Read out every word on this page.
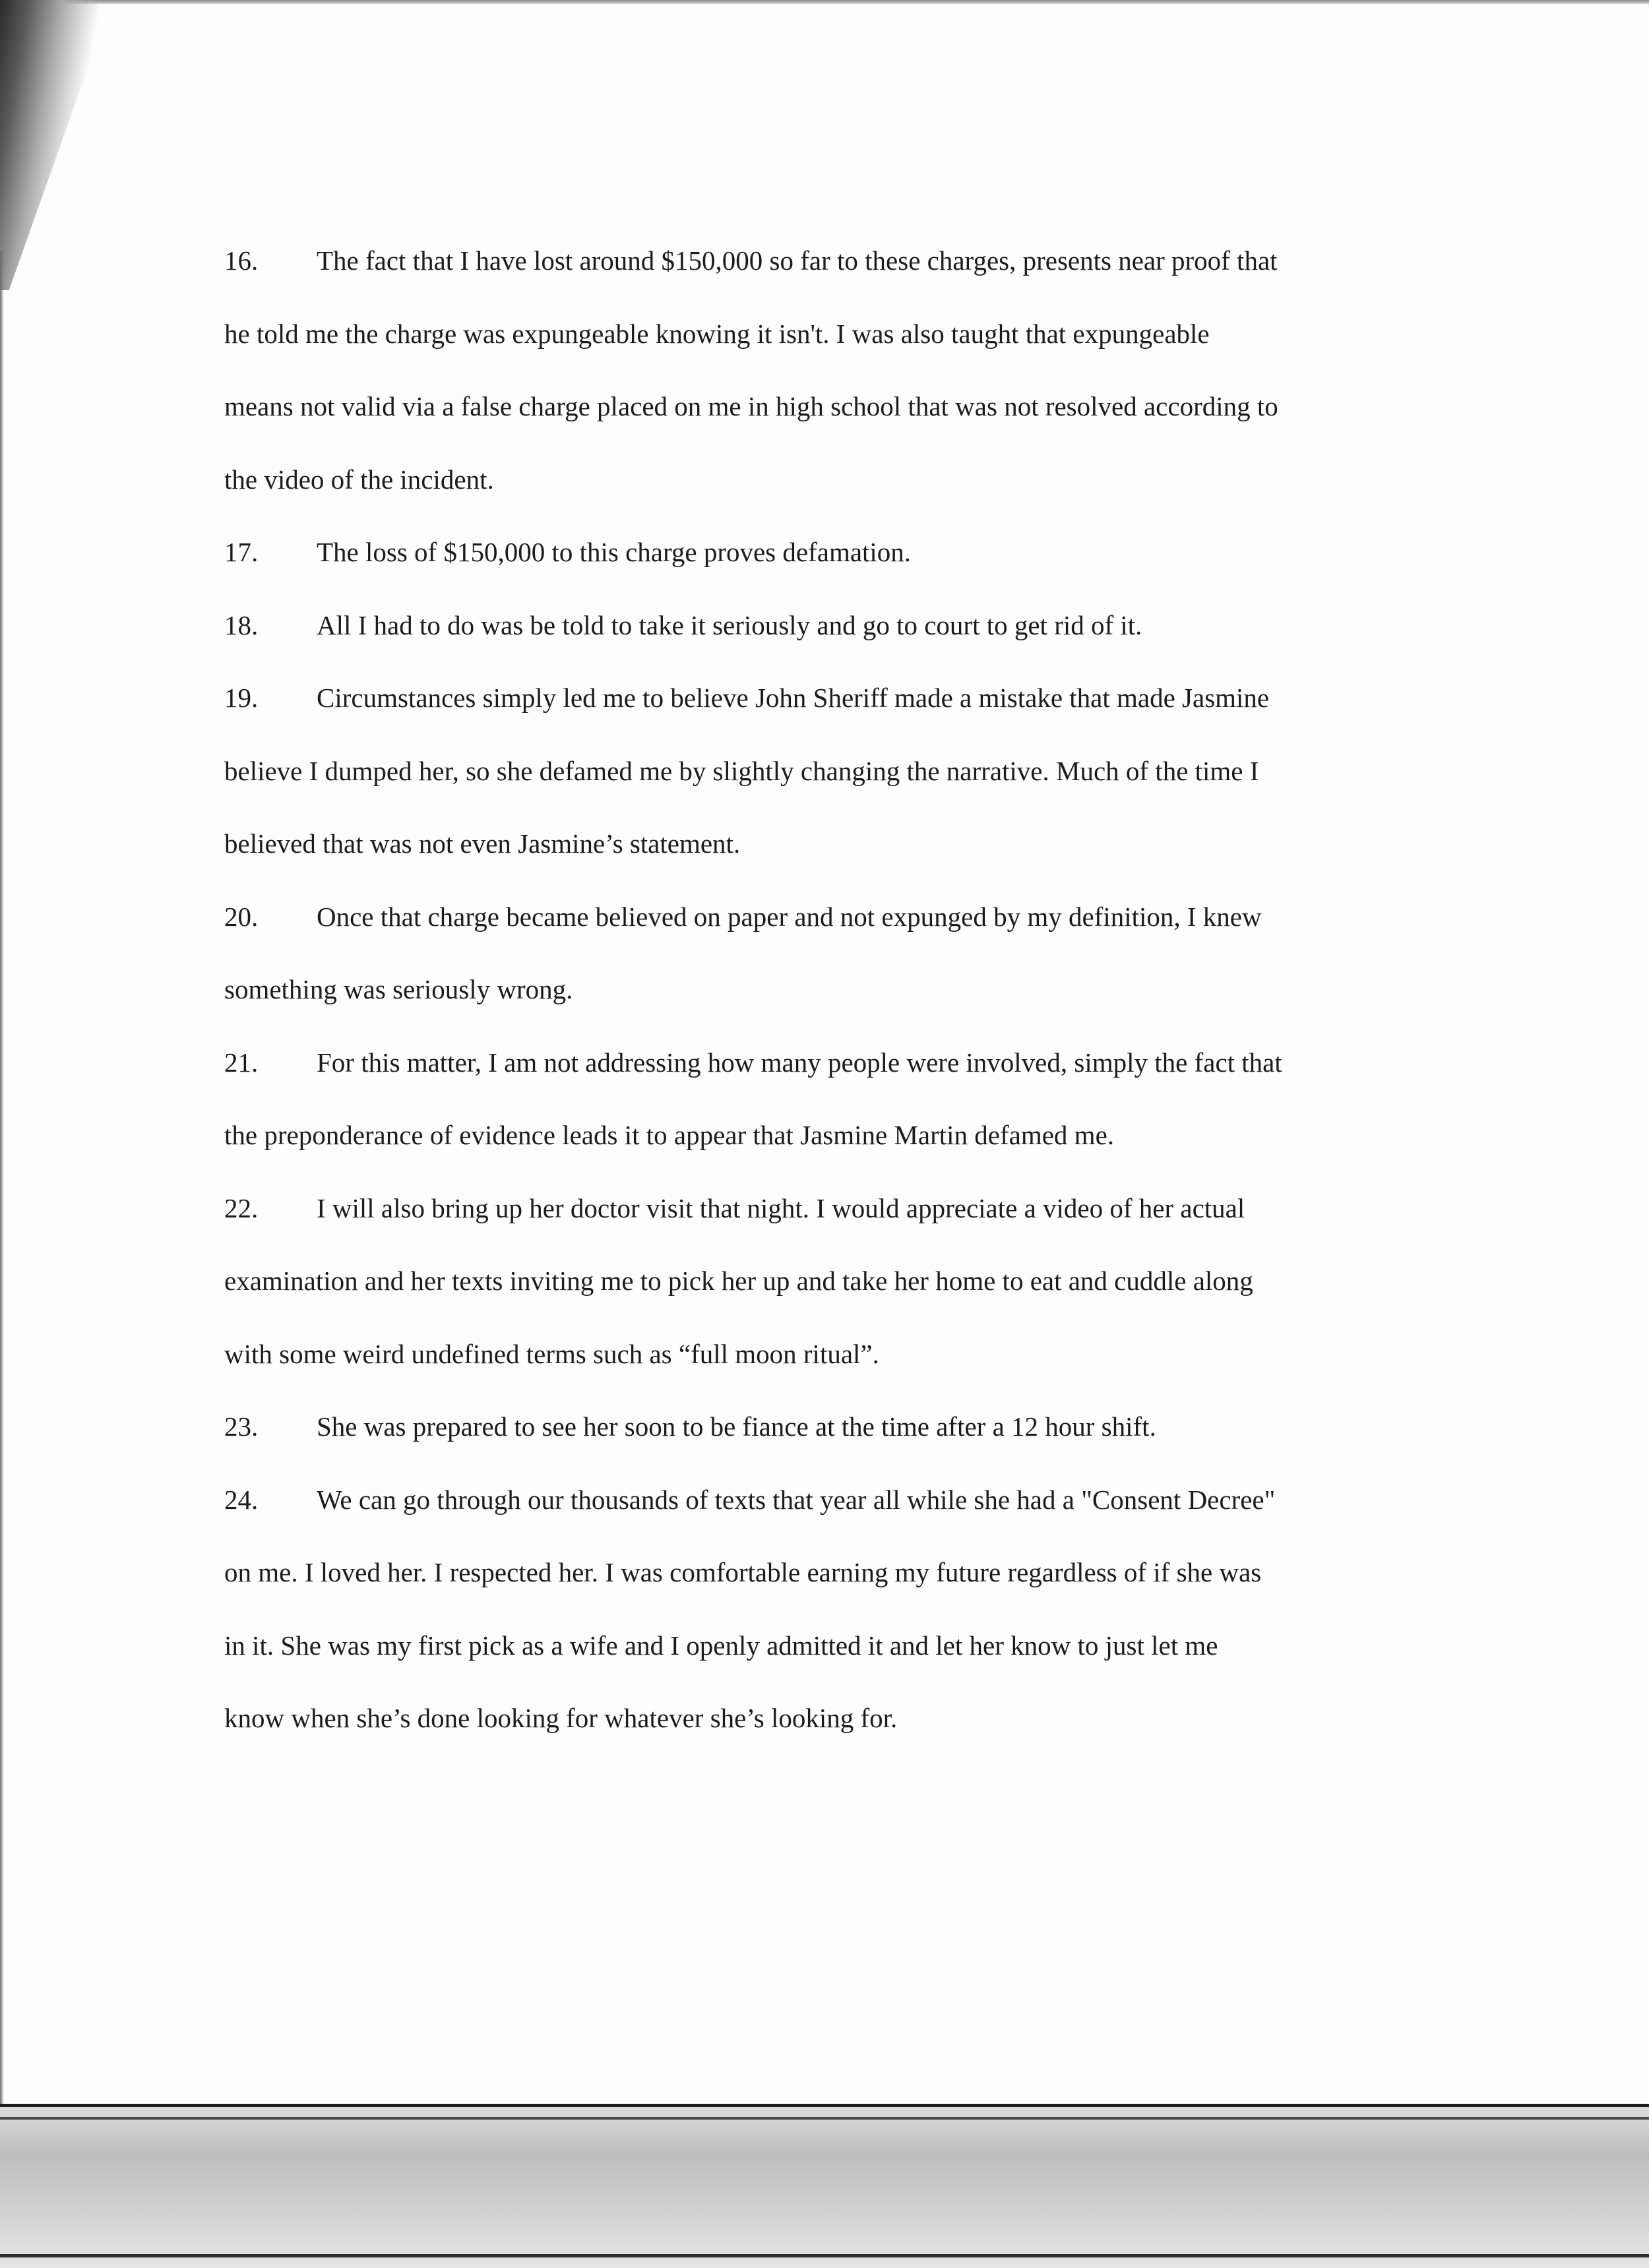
16. The fact that I have lost around $150,000 so far to these charges, presents near proof that
he told me the charge was expungeable knowing it isn't. I was also taught that expungeable
means not valid via a false charge placed on me in high school that was not resolved according to
the video of the incident.
17. The loss of $150,000 to this charge proves defamation.
18. All I had to do was be told to take it seriously and go to court to get rid of it.
19. Circumstances simply led me to believe John Sheriff made a mistake that made Jasmine
believe I dumped her, so she defamed me by slightly changing the narrative. Much of the time I
believed that was not even Jasmine’s statement.
20. Once that charge became believed on paper and not expunged by my definition, I knew
something was seriously wrong.
21. For this matter, I am not addressing how many people were involved, simply the fact that
the preponderance of evidence leads it to appear that Jasmine Martin defamed me.
22. I will also bring up her doctor visit that night. I would appreciate a video of her actual
examination and her texts inviting me to pick her up and take her home to eat and cuddle along
with some weird undefined terms such as “full moon ritual”.
23. She was prepared to see her soon to be fiance at the time after a 12 hour shift.
24. We can go through our thousands of texts that year all while she had a "Consent Decree"
on me. I loved her. I respected her. I was comfortable earning my future regardless of if she was
in it. She was my first pick as a wife and I openly admitted it and let her know to just let me
know when she’s done looking for whatever she’s looking for.
